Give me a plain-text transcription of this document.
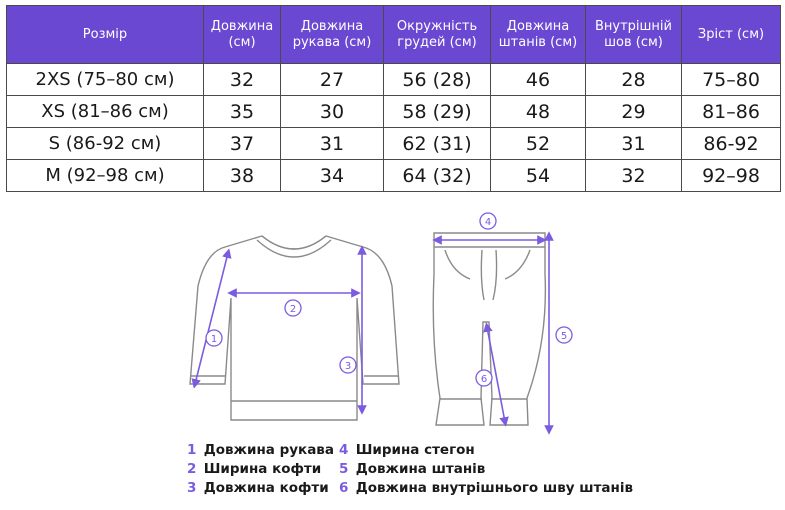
Розмір	Довжина (см)	Довжина рукава (см)	Окружність грудей (см)	Довжина штанів (см)	Внутрішній шов (см)	Зріст (см)
2XS (75–80 см)	32	27	56 (28)	46	28	75–80
XS (81–86 см)	35	30	58 (29)	48	29	81–86
S (86-92 см)	37	31	62 (31)	52	31	86-92
M (92–98 см)	38	34	64 (32)	54	32	92–98
1
2
3
4
5
6
1 Довжина рукава
2 Ширина кофти
3 Довжина кофти
4 Ширина стегон
5 Довжина штанів
6 Довжина внутрішнього шву штанів
